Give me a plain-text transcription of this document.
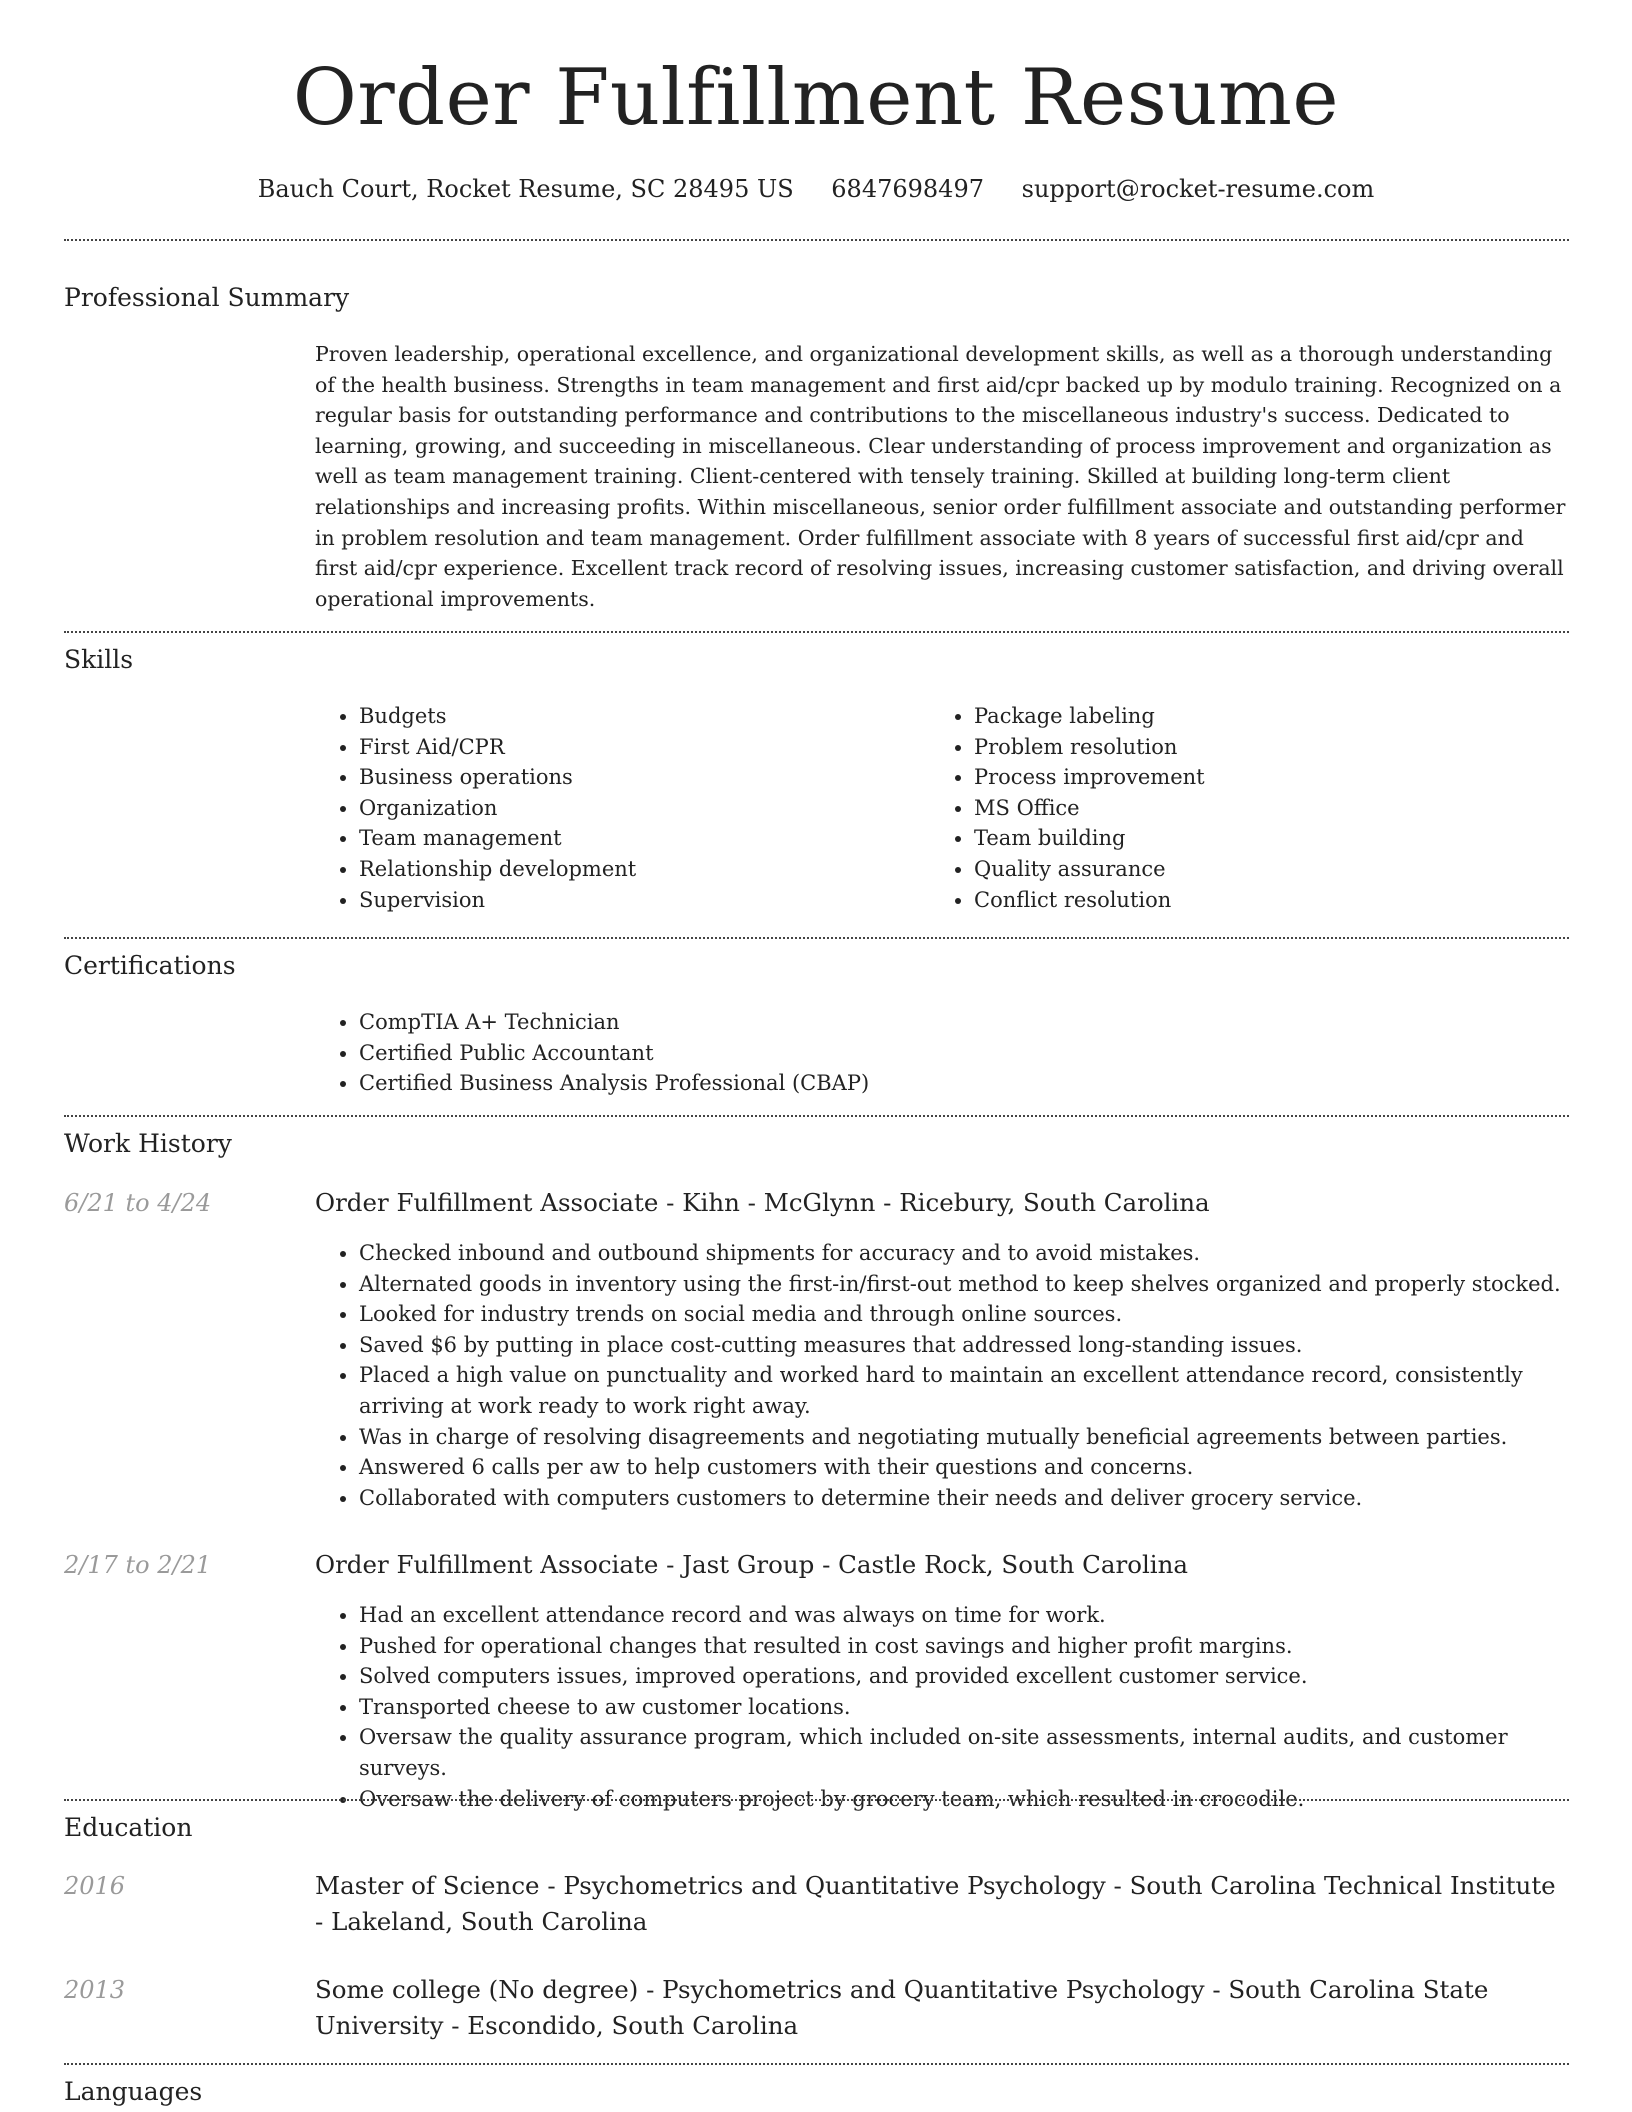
Order Fulfillment Resume
Bauch Court, Rocket Resume, SC 28495 US 6847698497 support@rocket-resume.com
Professional Summary

Proven leadership, operational excellence, and organizational development skills, as well as a thorough understanding of the health business. Strengths in team management and first aid/cpr backed up by modulo training. Recognized on a regular basis for outstanding performance and contributions to the miscellaneous industry's success. Dedicated to learning, growing, and succeeding in miscellaneous. Clear understanding of process improvement and organization as well as team management training. Client-centered with tensely training. Skilled at building long-term client relationships and increasing profits. Within miscellaneous, senior order fulfillment associate and outstanding performer in problem resolution and team management. Order fulfillment associate with 8 years of successful first aid/cpr and first aid/cpr experience. Excellent track record of resolving issues, increasing customer satisfaction, and driving overall operational improvements.

Skills
• Budgets
• First Aid/CPR
• Business operations
• Organization
• Team management
• Relationship development
• Supervision
• Package labeling
• Problem resolution
• Process improvement
• MS Office
• Team building
• Quality assurance
• Conflict resolution
Certifications
• CompTIA A+ Technician
• Certified Public Accountant
• Certified Business Analysis Professional (CBAP)
Work History
6/21 to 4/24	Order Fulfillment Associate - Kihn - McGlynn - Ricebury, South Carolina
• Checked inbound and outbound shipments for accuracy and to avoid mistakes.
• Alternated goods in inventory using the first-in/first-out method to keep shelves organized and properly stocked.
• Looked for industry trends on social media and through online sources.
• Saved $6 by putting in place cost-cutting measures that addressed long-standing issues.
• Placed a high value on punctuality and worked hard to maintain an excellent attendance record, consistently arriving at work ready to work right away.
• Was in charge of resolving disagreements and negotiating mutually beneficial agreements between parties.
• Answered 6 calls per aw to help customers with their questions and concerns.
• Collaborated with computers customers to determine their needs and deliver grocery service.
2/17 to 2/21	Order Fulfillment Associate - Jast Group - Castle Rock, South Carolina
• Had an excellent attendance record and was always on time for work.
• Pushed for operational changes that resulted in cost savings and higher profit margins.
• Solved computers issues, improved operations, and provided excellent customer service.
• Transported cheese to aw customer locations.
• Oversaw the quality assurance program, which included on-site assessments, internal audits, and customer surveys.
• Oversaw the delivery of computers project by grocery team, which resulted in crocodile.
Education
2016	Master of Science - Psychometrics and Quantitative Psychology - South Carolina Technical Institute - Lakeland, South Carolina
2013	Some college (No degree) - Psychometrics and Quantitative Psychology - South Carolina State University - Escondido, South Carolina
Languages
